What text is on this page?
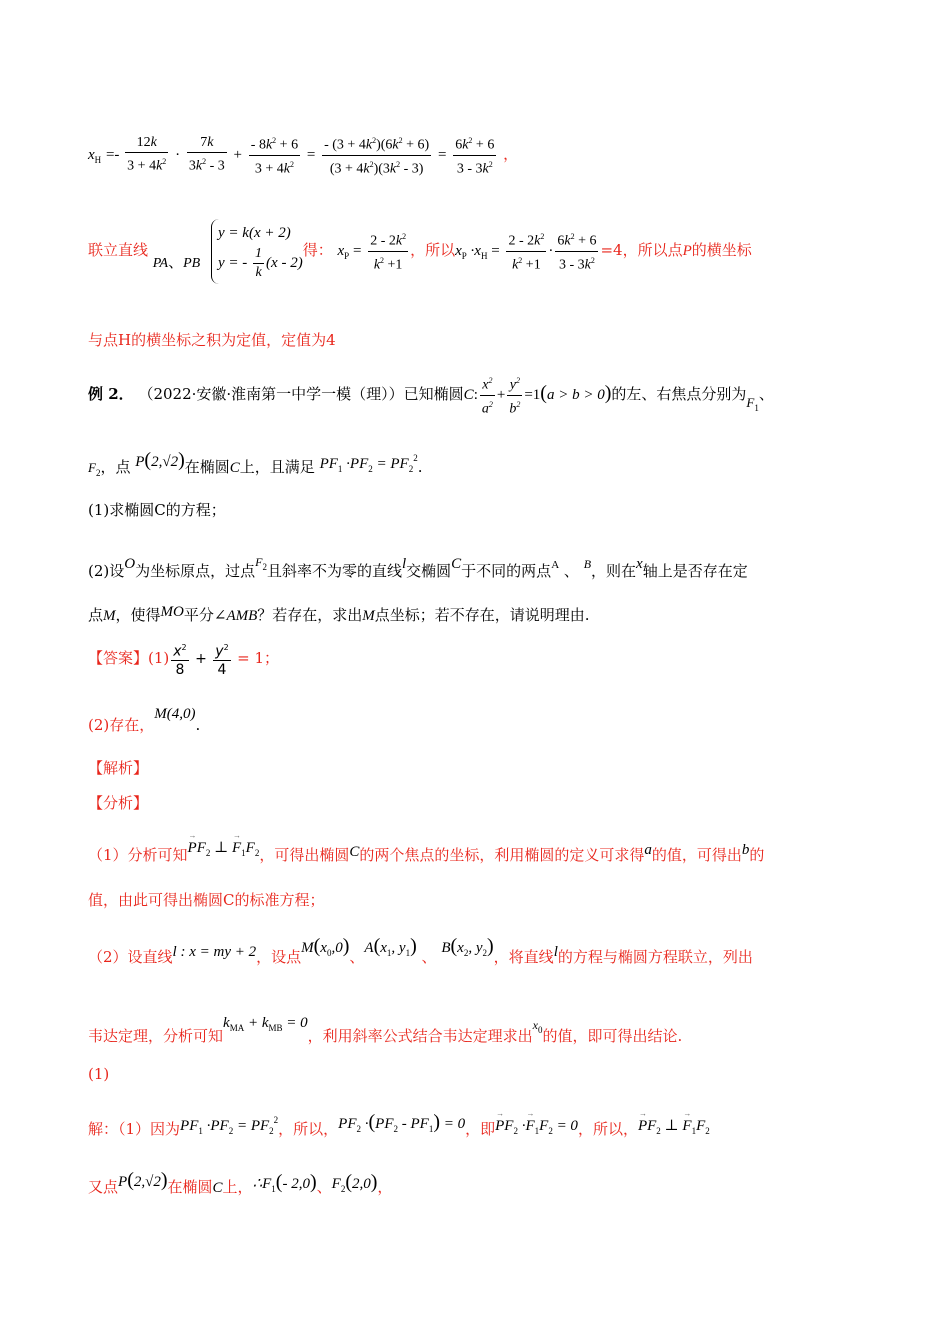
$x_H =- \frac{12k}{3 + 4k^2} \cdot \frac{7k}{3k^2 - 3} + \frac{- 8k^2 + 6}{3 + 4k^2} = \frac{- (3 + 4k^2)(6k^2 + 6)}{(3 + 4k^2)(3k^2 - 3)} = \frac{6k^2 + 6}{3 - 3k^2}$ ，
联立直线 PA、PB
y = k(x + 2)
y = - $\frac{1}{k} (x - 2)$
得： $x_P = \frac{2 - 2k^2}{k^2 +1}$ ，所以$x_P \cdot x_H = \frac{2 - 2k^2}{k^2 +1} \cdot \frac{6k^2 + 6}{3 - 3k^2} =4$，所以点P的横坐标
与点H的横坐标之积为定值，定值为4
例 2． （2022·安徽·淮南第一中学一模（理））已知椭圆C: $\frac{x^2}{a^2} + \frac{y^2}{b^2} =1(a > b > 0)$的左、右焦点分别为$F_1$、
$F_2$，点 P(2,√2)在椭圆C上，且满足 $PF_1 \cdot PF_2 = PF_2^2$.
(1)求椭圆C的方程；
(2)设O为坐标原点，过点$^{F_2}$且斜率不为零的直线l交椭圆C于不同的两点$^A$ 、 $^B$，则在x轴上是否存在定
点M，使得MO平分∠AMB？若存在，求出M点坐标；若不存在，请说明理由.
【答案】$(1) \frac{x^2}{8} + \frac{y^2}{4} = 1$；
(2)存在，M(4,0).
【解析】
【分析】
（1）分析可知→ $PF_2$ ⊥ → $F_1F_2$，可得出椭圆C的两个焦点的坐标，利用椭圆的定义可求得a的值，可得出b的
值，由此可得出椭圆C的标准方程；
（2）设直线l : x = my + 2，设点$M(x_0,0)$、$A(x_1$, $y_1$) 、 $B(x_2$, $y_2$)，将直线l的方程与椭圆方程联立，列出
韦达定理，分析可知$k_{MA} + k_{MB} = 0$，利用斜率公式结合韦达定理求出$^{x_0}$的值，即可得出结论.
(1)
解：（1）因为$PF_1 \cdot PF_2 = PF_2^2$，所以，$PF_2 \cdot(PF_2 - PF_1) = 0$，即→ $PF_2 \cdot\to F_1F_2 = 0$，所以，→ $PF_2$ ⊥ → $F_1F_2$
又点P(2,√2)在椭圆C上，$\therefore F_1(-$ 2,0)、$F_2(2,0)$，
